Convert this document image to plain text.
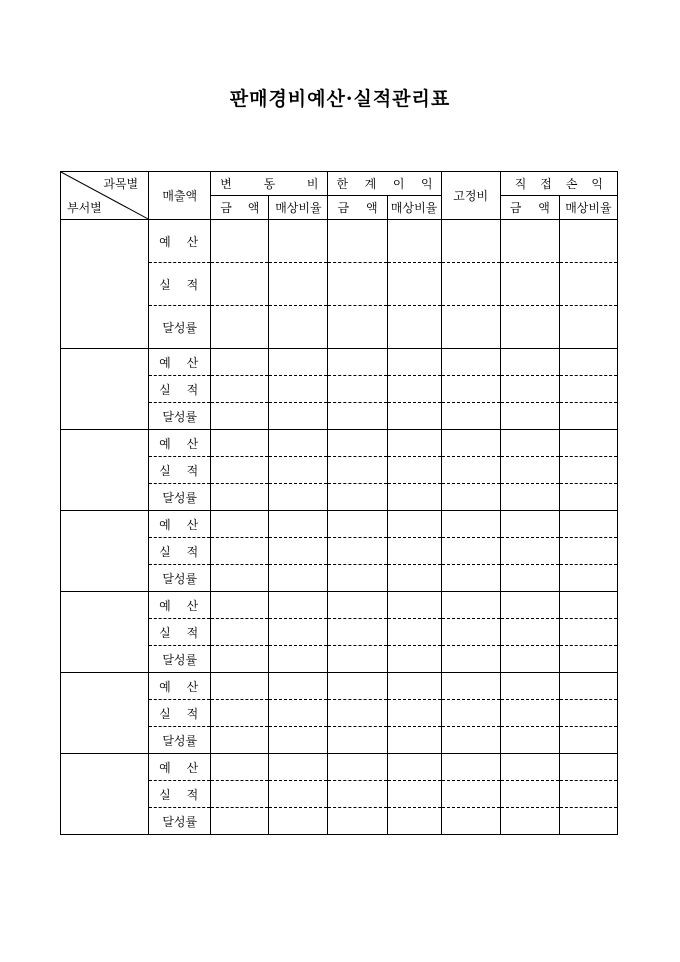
판매경비예산·실적관리표
과목별
부서별	매출액	변 동 비		한 계 이 익		고정비	직 접 손 익	

		금 액	매상비율	금 액	매상비율		금 액	매상비율

	예 산							

	실 적							

	달성률							

	예 산							

	실 적							

	달성률							

	예 산							

	실 적							

	달성률							

	예 산							

	실 적							

	달성률							

	예 산							

	실 적							

	달성률							

	예 산							

	실 적							

	달성률							

	예 산							

	실 적							

	달성률							
